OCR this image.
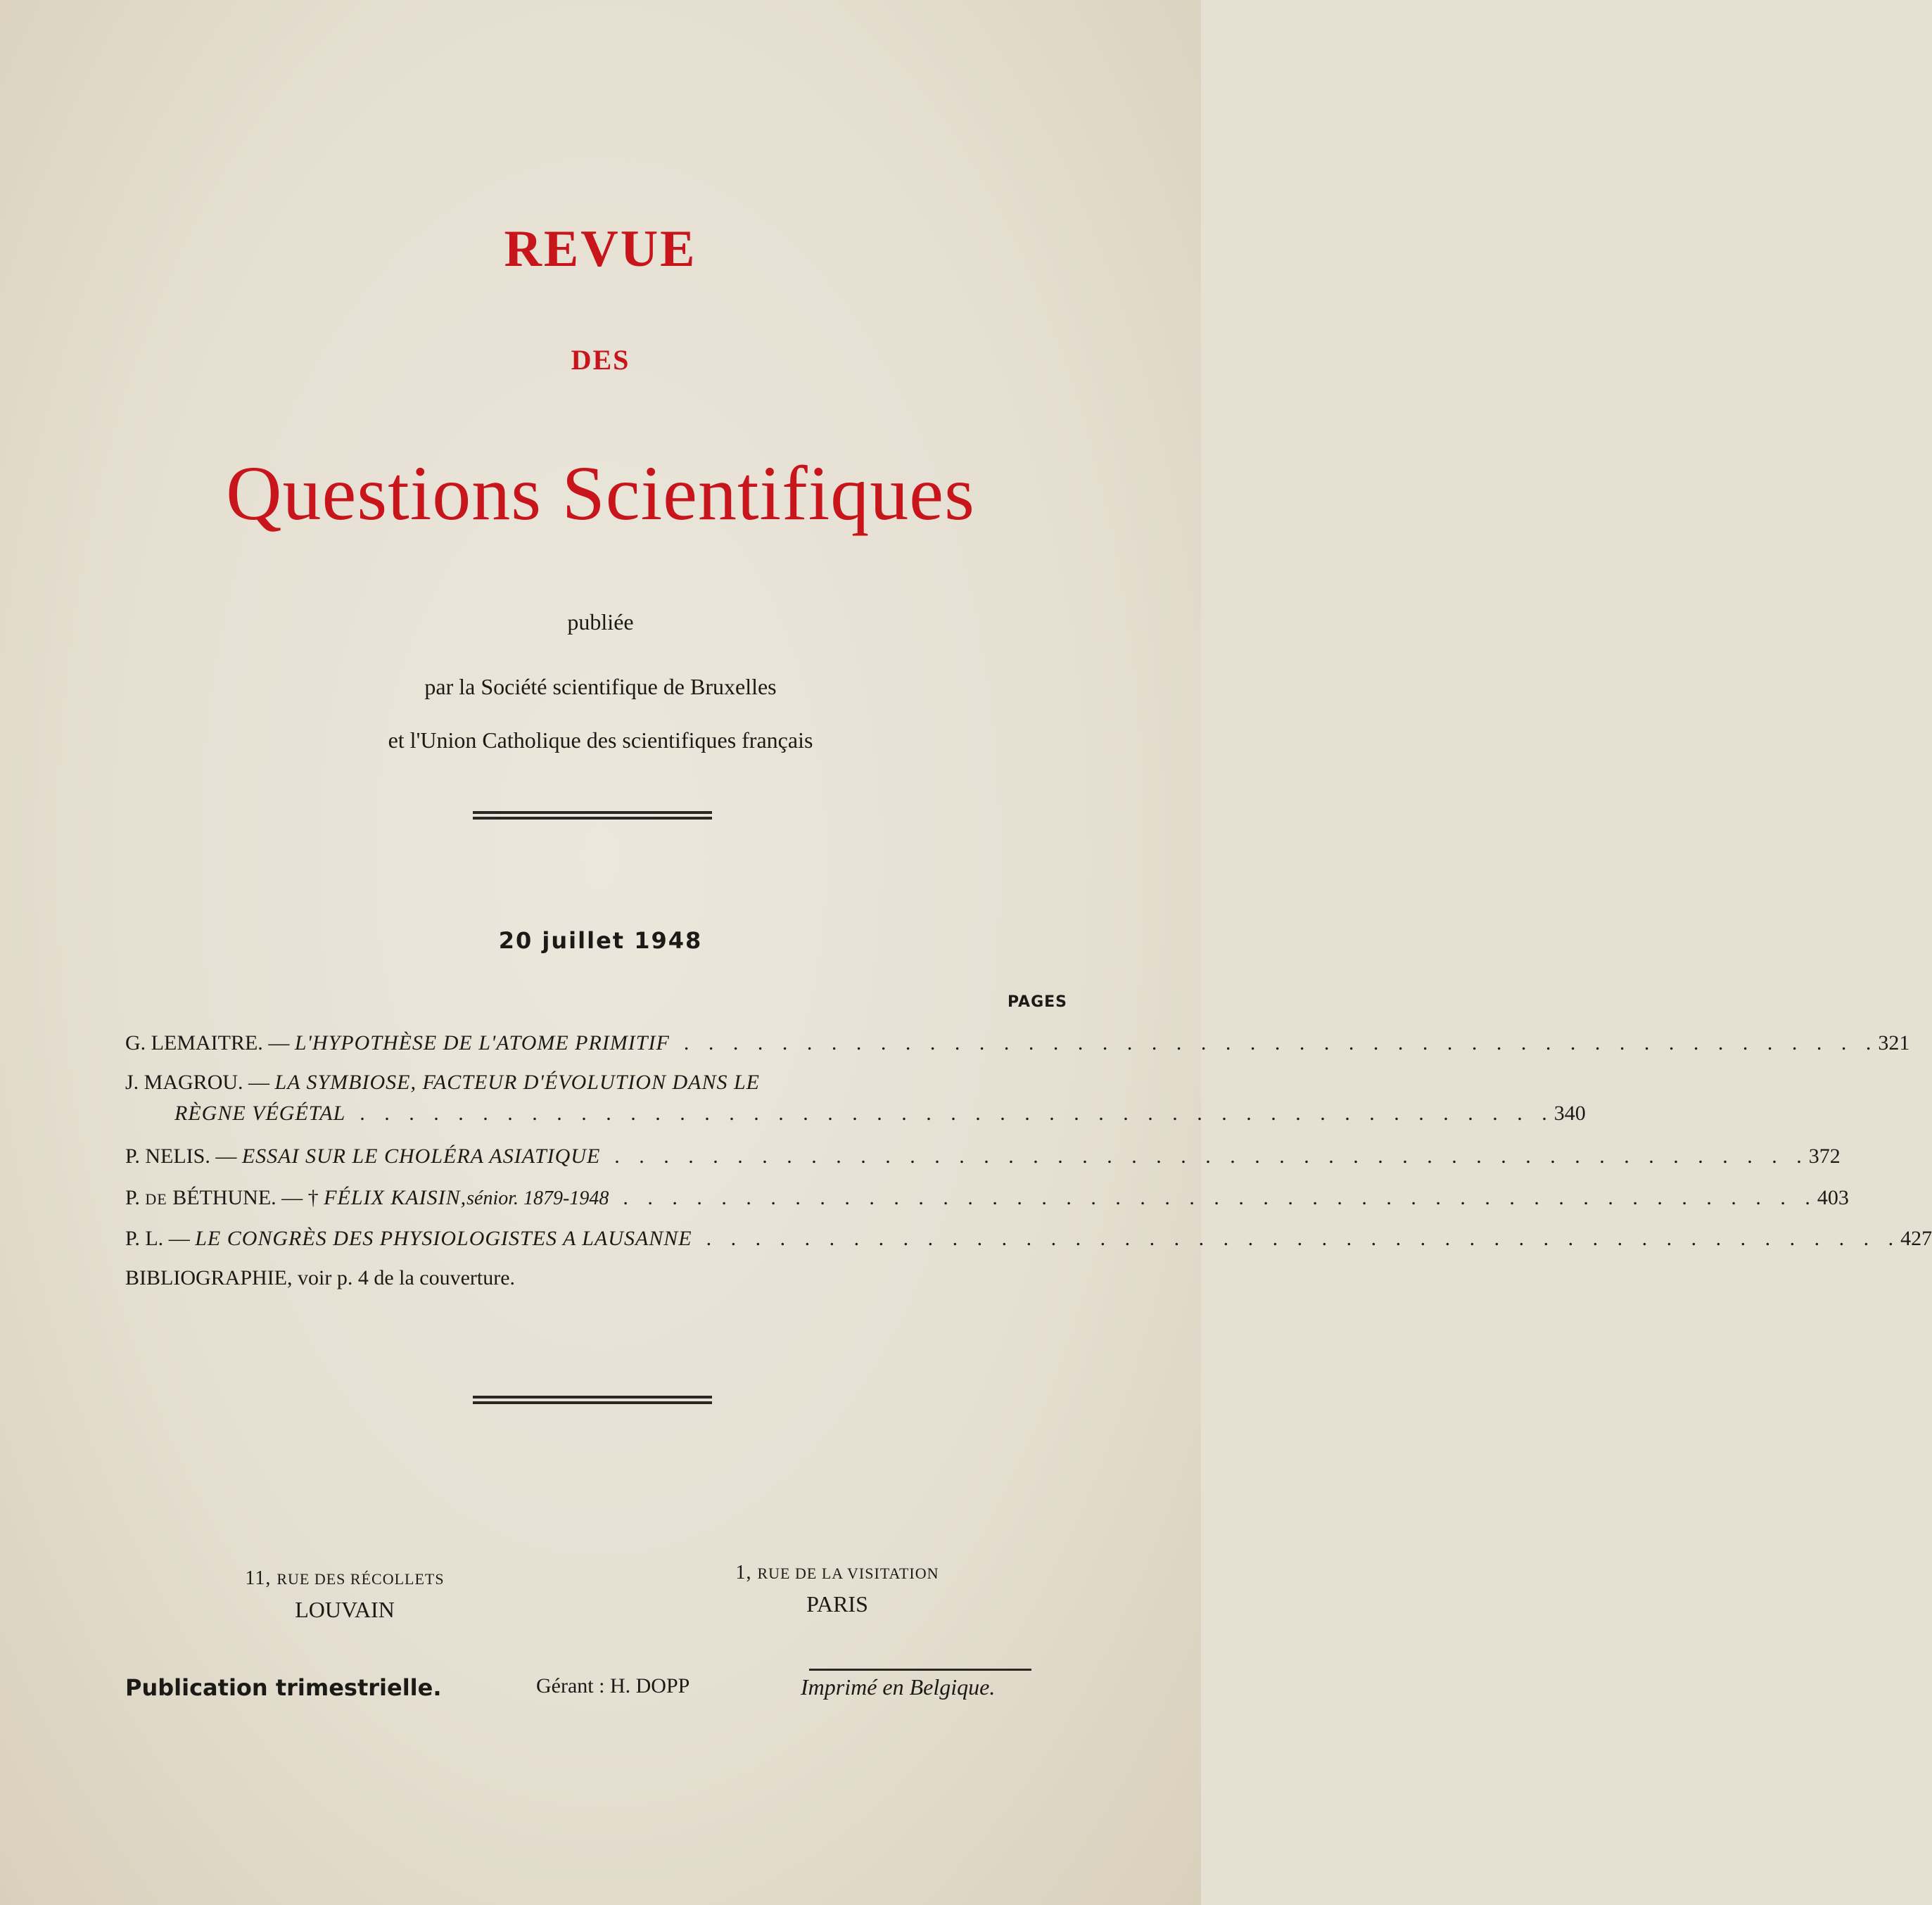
REVUE
DES
Questions Scientifiques
publiée
par la Société scientifique de Bruxelles
et l'Union Catholique des scientifiques français
20 juillet 1948
PAGES
G. LEMAITRE. — L'HYPOTHÈSE DE L'ATOME PRIMITIF . . . . . . . . . . . . . . . . . . . . . . . . . . . . . . . . . . . . . . . . . . . . . . . . . 321
J. MAGROU. — LA SYMBIOSE, FACTEUR D'ÉVOLUTION DANS LE
RÈGNE VÉGÉTAL . . . . . . . . . . . . . . . . . . . . . . . . . . . . . . . . . . . . . . . . . . . . . . . . . 340
P. NELIS. — ESSAI SUR LE CHOLÉRA ASIATIQUE . . . . . . . . . . . . . . . . . . . . . . . . . . . . . . . . . . . . . . . . . . . . . . . . . 372
P. DE BÉTHUNE. — † FÉLIX KAISIN, sénior. 1879-1948 . . . . . . . . . . . . . . . . . . . . . . . . . . . . . . . . . . . . . . . . . . . . . . . . . 403
P. L. — LE CONGRÈS DES PHYSIOLOGISTES A LAUSANNE . . . . . . . . . . . . . . . . . . . . . . . . . . . . . . . . . . . . . . . . . . . . . . . . . 427
BIBLIOGRAPHIE, voir p. 4 de la couverture.
11, RUE DES RÉCOLLETS
LOUVAIN
1, RUE DE LA VISITATION
PARIS
Publication trimestrielle.	Gérant : H. DOPP	Imprimé en Belgique.
